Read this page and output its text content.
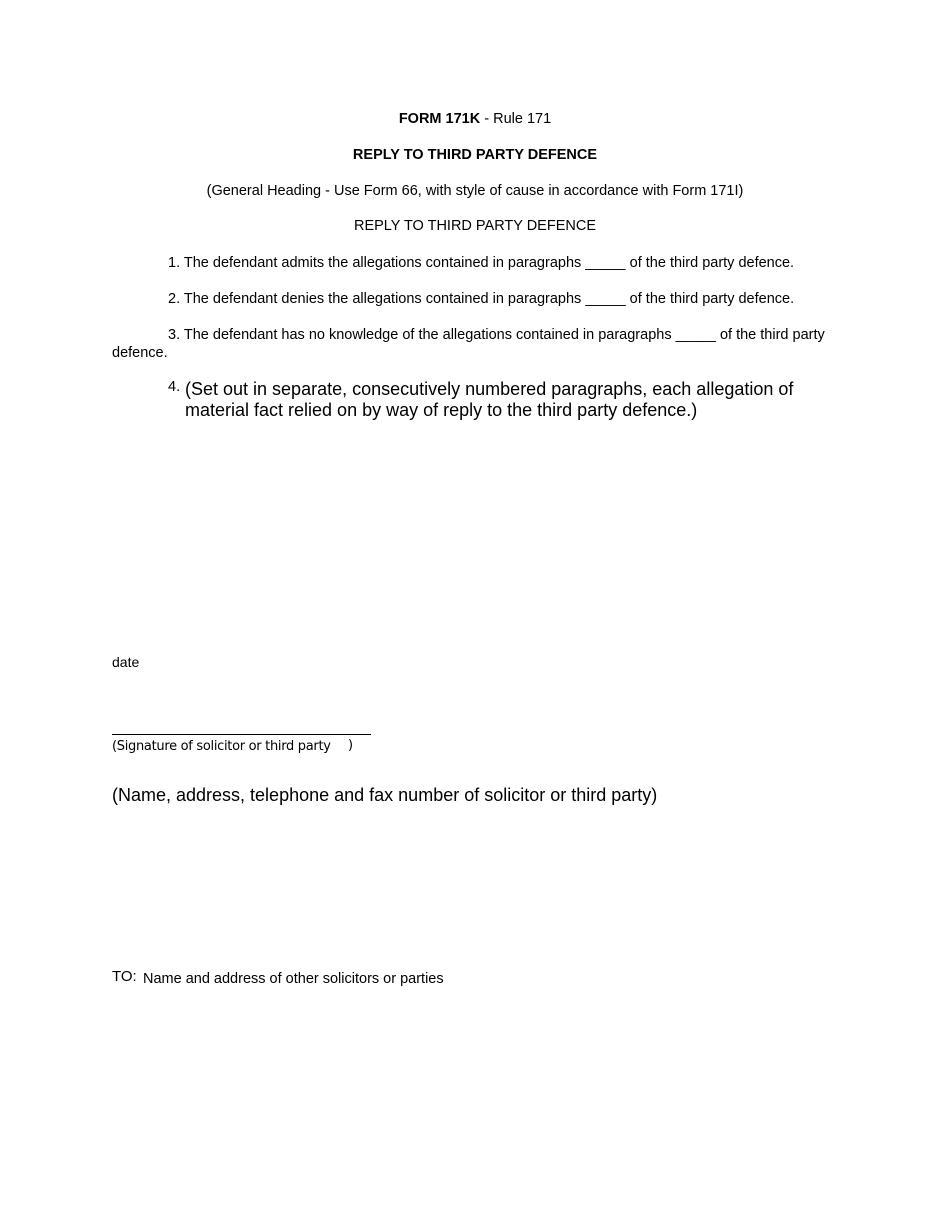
FORM 171K - Rule 171
REPLY TO THIRD PARTY DEFENCE
(General Heading - Use Form 66, with style of cause in accordance with Form 171I)
REPLY TO THIRD PARTY DEFENCE
1. The defendant admits the allegations contained in paragraphs _____ of the third party defence.
2. The defendant denies the allegations contained in paragraphs _____ of the third party defence.
3. The defendant has no knowledge of the allegations contained in paragraphs _____ of the third party defence.
4. (Set out in separate, consecutively numbered paragraphs, each allegation of material fact relied on by way of reply to the third party defence.)
date
(Signature of solicitor or third party )
(Name, address, telephone and fax number of solicitor or third party)
TO: Name and address of other solicitors or parties
